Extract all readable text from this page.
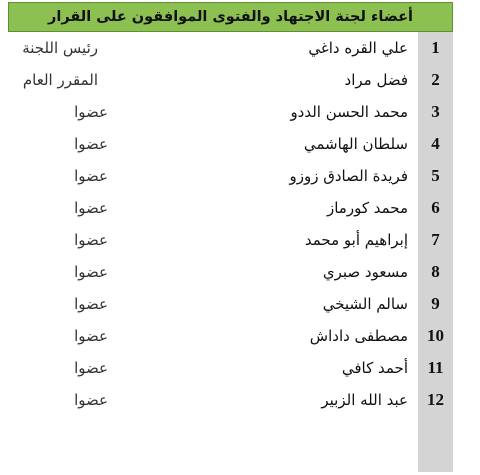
أعضاء لجنة الاجتهاد والفتوى الموافقون على القرار
1
علي القره داغي
رئيس اللجنة
2
فضل مراد
المقرر العام
3
محمد الحسن الددو
عضوا
4
سلطان الهاشمي
عضوا
5
فريدة الصادق زوزو
عضوا
6
محمد كورماز
عضوا
7
إبراهيم أبو محمد
عضوا
8
مسعود صبري
عضوا
9
سالم الشيخي
عضوا
10
مصطفى داداش
عضوا
11
أحمد كافي
عضوا
12
عبد الله الزبير
عضوا
